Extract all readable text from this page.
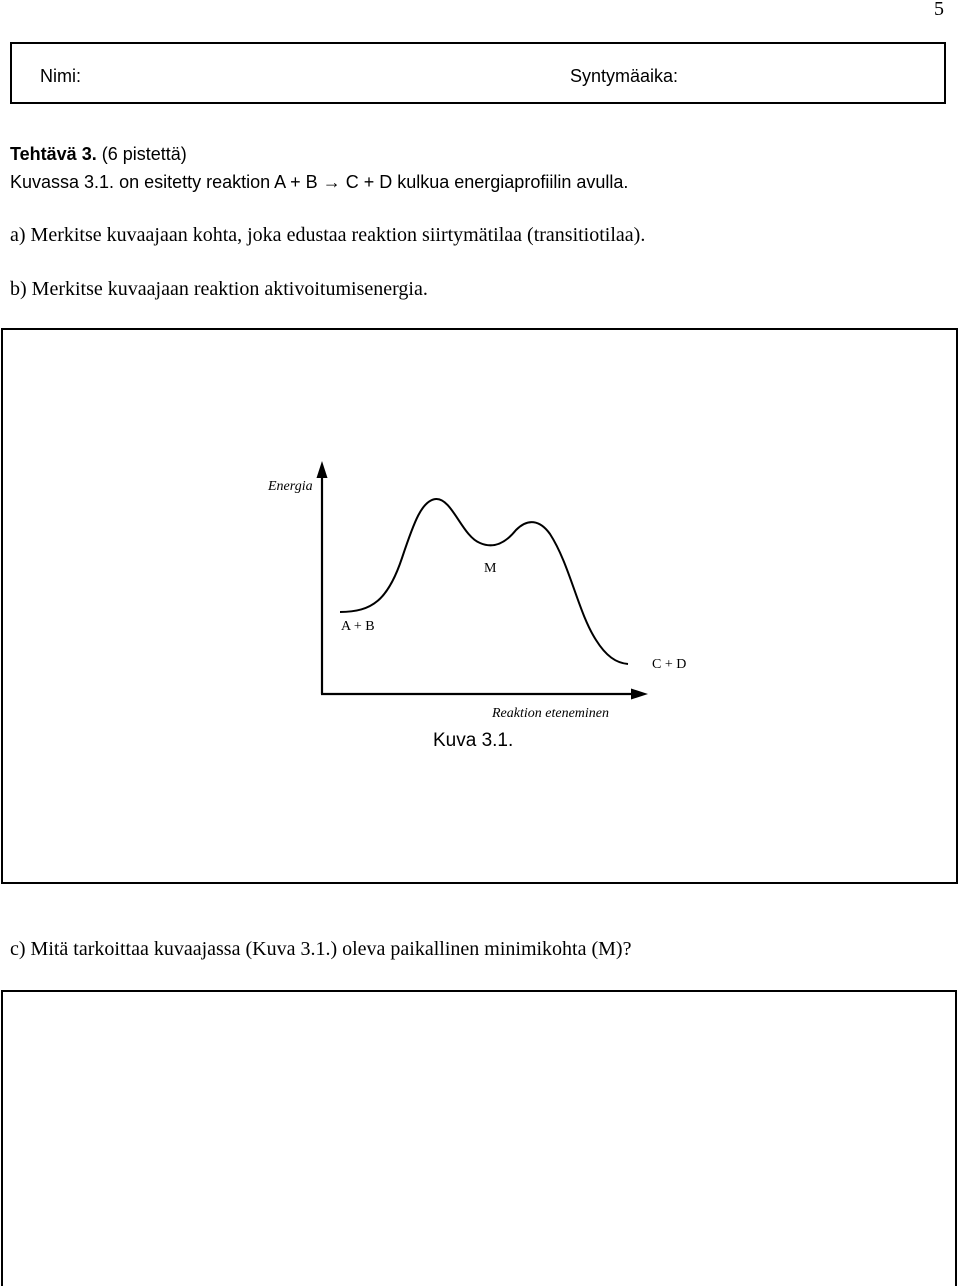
5
Nimi:	Syntymäaika:
Tehtävä 3. (6 pistettä)
Kuvassa 3.1. on esitetty reaktion A + B → C + D kulkua energiaprofiilin avulla.
a) Merkitse kuvaajaan kohta, joka edustaa reaktion siirtymätilaa (transitiotilaa).
b) Merkitse kuvaajaan reaktion aktivoitumisenergia.
Energia
M
A + B
C + D
Reaktion eteneminen
Kuva 3.1.
c) Mitä tarkoittaa kuvaajassa (Kuva 3.1.) oleva paikallinen minimikohta (M)?
